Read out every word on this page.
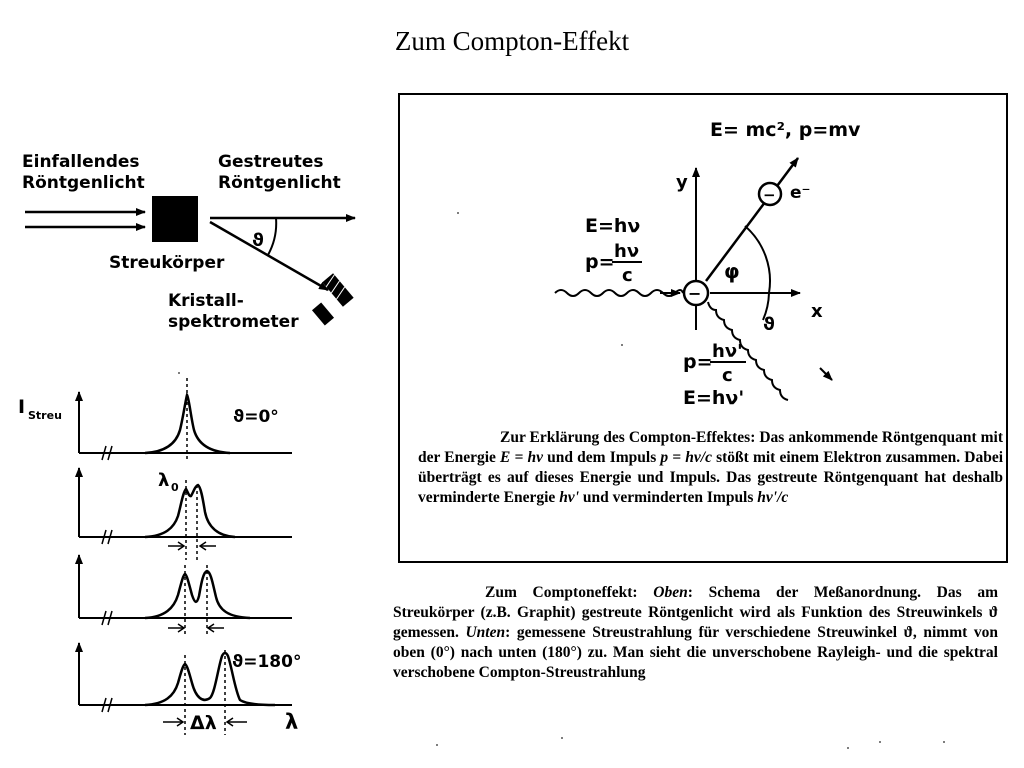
Zum Compton-Effekt
Einfallendes
Röntgenlicht
Gestreutes
Röntgenlicht
ϑ
Streukörper
Kristall-
spektrometer
I Streu	ϑ=0°
λ 0
ϑ=180°
Δλ	λ
E= mc², p=mv
y
x
−
− e⁻
φ
ϑ
E=hν
p= hν
c
p= hν'
c
E=hν'
Zur Erklärung des Compton-Effektes: Das ankommende Röntgenquant mit der Energie E = hν und dem Impuls p = hν/c stößt mit einem Elektron zusammen. Dabei überträgt es auf dieses Energie und Impuls. Das gestreute Röntgenquant hat deshalb verminderte Energie hν' und verminderten Impuls hν'/c
Zum Comptoneffekt: Oben: Schema der Meßanordnung. Das am Streukörper (z.B. Graphit) gestreute Röntgenlicht wird als Funktion des Streuwinkels ϑ gemessen. Unten: gemessene Streustrahlung für verschiedene Streuwinkel ϑ, nimmt von oben (0°) nach unten (180°) zu. Man sieht die unverschobene Rayleigh- und die spektral verschobene Compton-Streustrahlung
